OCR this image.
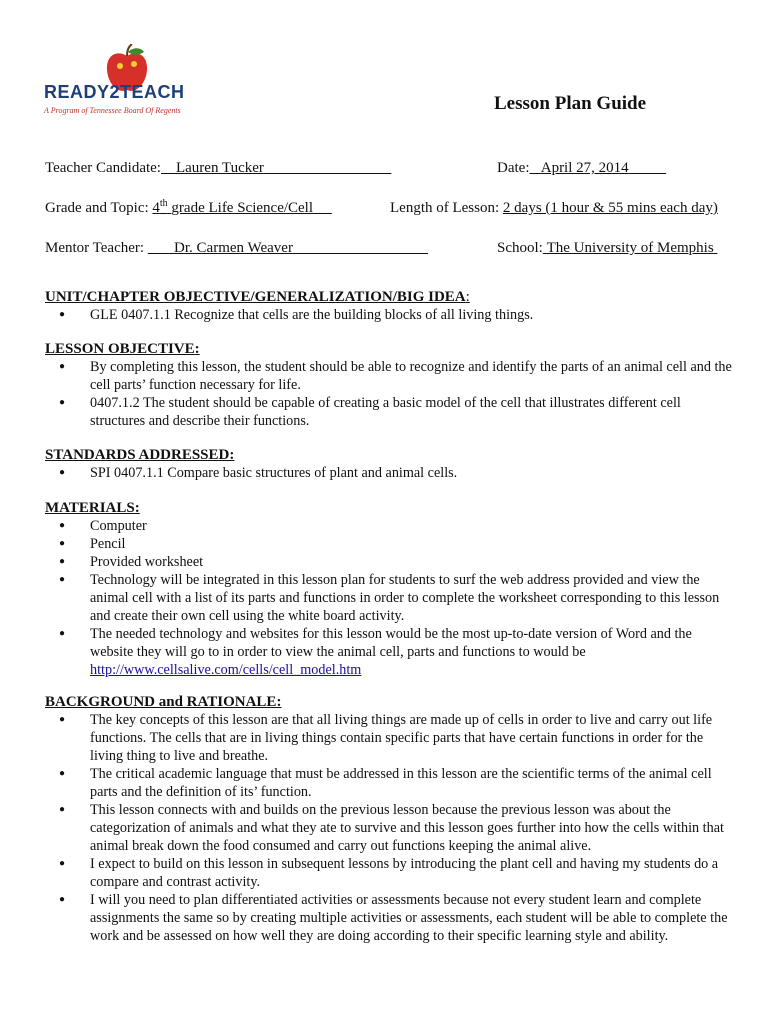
READY2TEACH
A Program of Tennessee Board Of Regents	Lesson Plan Guide
Teacher Candidate: Lauren Tucker	Date: April 27, 2014
Grade and Topic: 4th grade Life Science/Cell	Length of Lesson: 2 days (1 hour & 55 mins each day)
Mentor Teacher: Dr. Carmen Weaver	School: The University of Memphis
UNIT/CHAPTER OBJECTIVE/GENERALIZATION/BIG IDEA:
● GLE 0407.1.1 Recognize that cells are the building blocks of all living things.
LESSON OBJECTIVE:
● By completing this lesson, the student should be able to recognize and identify the parts of an animal cell and the cell parts’ function necessary for life.
● 0407.1.2 The student should be capable of creating a basic model of the cell that illustrates different cell structures and describe their functions.
STANDARDS ADDRESSED:
● SPI 0407.1.1 Compare basic structures of plant and animal cells.
MATERIALS:
● Computer
● Pencil
● Provided worksheet
● Technology will be integrated in this lesson plan for students to surf the web address provided and view the animal cell with a list of its parts and functions in order to complete the worksheet corresponding to this lesson and create their own cell using the white board activity.
● The needed technology and websites for this lesson would be the most up-to-date version of Word and the website they will go to in order to view the animal cell, parts and functions to would be
http://www.cellsalive.com/cells/cell_model.htm
BACKGROUND and RATIONALE:
● The key concepts of this lesson are that all living things are made up of cells in order to live and carry out life functions. The cells that are in living things contain specific parts that have certain functions in order for the living thing to live and breathe.
● The critical academic language that must be addressed in this lesson are the scientific terms of the animal cell parts and the definition of its’ function.
● This lesson connects with and builds on the previous lesson because the previous lesson was about the categorization of animals and what they ate to survive and this lesson goes further into how the cells within that animal break down the food consumed and carry out functions keeping the animal alive.
● I expect to build on this lesson in subsequent lessons by introducing the plant cell and having my students do a compare and contrast activity.
● I will you need to plan differentiated activities or assessments because not every student learn and complete assignments the same so by creating multiple activities or assessments, each student will be able to complete the work and be assessed on how well they are doing according to their specific learning style and ability.
